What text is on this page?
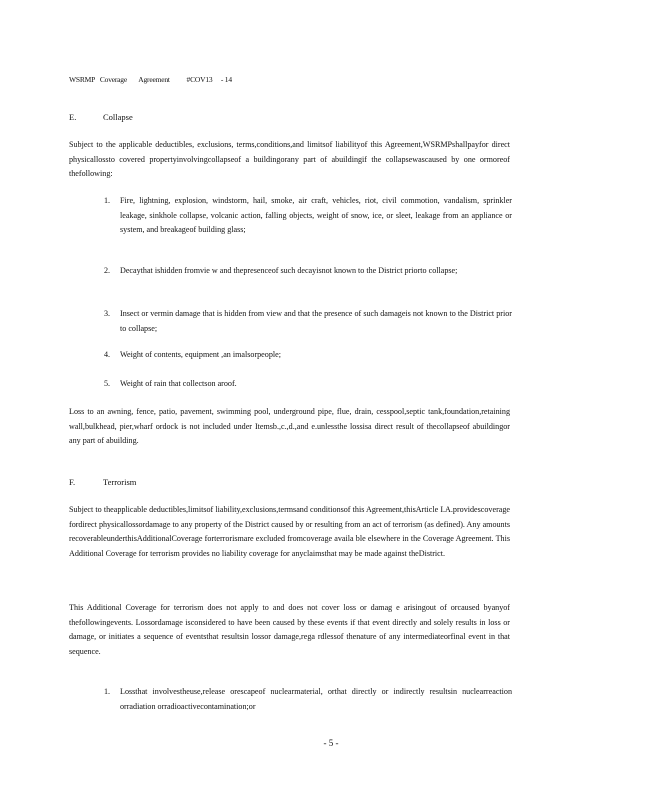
WSRMP   Coverage       Agreement          #COV13     - 14
E.	Collapse
Subject to the applicable deductibles, exclusions, terms,conditions,and limitsof liabilityof this Agreement,WSRMPshallpayfor direct physicallossto covered propertyinvolvingcollapseof a buildingorany part of abuildingif the collapsewascaused by one ormoreof thefollowing:
1.	Fire, lightning, explosion, windstorm, hail, smoke, air craft, vehicles, riot, civil commotion, vandalism, sprinkler leakage, sinkhole collapse, volcanic action, falling objects, weight of snow, ice, or sleet, leakage from an appliance or system, and breakageof building glass;
2.	Decaythat ishidden fromvie w and thepresenceof such decayisnot known to the District priorto collapse;
3.	Insect or vermin damage that is hidden from view and that the presence of such damageis not known to the District prior to collapse;
4.	Weight of contents, equipment ,an imalsorpeople;
5.	Weight of rain that collectson aroof.
Loss to an awning, fence, patio, pavement, swimming pool, underground pipe, flue, drain, cesspool,septic tank,foundation,retaining wall,bulkhead, pier,wharf ordock is not included under Itemsb.,c.,d.,and e.unlessthe lossisa direct result of thecollapseof abuildingor any part of abuilding.
F.	Terrorism
Subject to theapplicable deductibles,limitsof liability,exclusions,termsand conditionsof this Agreement,thisArticle I.A.providescoverage fordirect physicallossordamage to any property of the District caused by or resulting from an act of terrorism (as defined). Any amounts recoverableunderthisAdditionalCoverage forterrorismare excluded fromcoverage availa ble elsewhere in the Coverage Agreement. This Additional Coverage for terrorism provides no liability coverage for anyclaimsthat may be made against theDistrict.
This Additional Coverage for terrorism does not apply to and does not cover loss or damag e arisingout of orcaused byanyof thefollowingevents. Lossordamage isconsidered to have been caused by these events if that event directly and solely results in loss or damage, or initiates a sequence of eventsthat resultsin lossor damage,rega rdlessof thenature of any intermediateorfinal event in that sequence.
1.	Lossthat involvestheuse,release orescapeof nuclearmaterial, orthat directly or indirectly resultsin nuclearreaction orradiation orradioactivecontamination;or
- 5 -
